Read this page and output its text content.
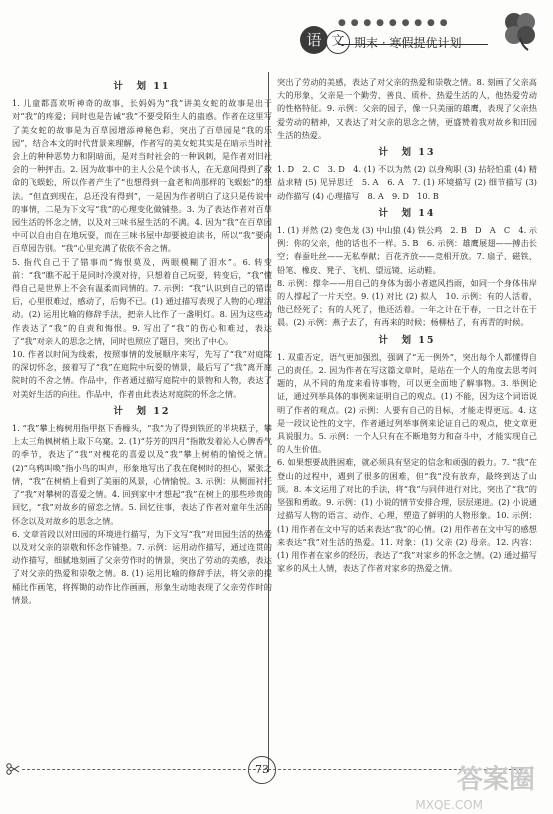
● ● ● ● ● ● ● ● ●
语 文 期末 · 寒假提优计划
计　划 11

1. 儿童都喜欢听神奇的故事，长妈妈为“我”讲美女蛇的故事是出于对“我”的疼爱；同时也是告诫“我”不要受陌生人的蛊惑。作者在这里写了美女蛇的故事是为百草园增添神秘色彩，突出了百草园是“我的乐园”，结合本文的时代背景来理解，作者写的美女蛇其实是在暗示当时社会上的种种恶势力和阴暗面，是对当时社会的一种讽刺，是作者对旧社会的一种抨击。2. 因为故事中的主人公是个读书人，在无意间得到了救命的飞蜈蚣，所以作者产生了“也想得到一盒老和尚那样的飞蜈蚣”的想法。“但直到现在，总还没有得到”，一是因为作者明白了这只是传说中的事情，二是为下文写“我”的心理变化做铺垫。3. 为了表达作者对百草园生活的怀念之情，以及对三味书屋生活的不满。4. 因为“我”在百草园中可以自由自在地玩耍，而在三味书屋中却要被迫读书，所以“我”要向百草园告别。“我”心里充满了依依不舍之情。

5. 指代自己于了错事而“悔恨莫及，两眼模糊了泪水”。6. 转变前：“我”瞧不起于是同时冷漠对待，只想着自己玩耍，转变后，“我”懂得自己是世界上不会有温柔而同情的。7. 示例：“我”认识到自己的错误后，心里很难过，感动了，后悔不已。(1) 通过描写表现了人物的心理活动。(2) 运用比喻的修辞手法，把亲人比作了一盏明灯。8. 因为这些动作表达了“我”的自责和悔恨。9. 写出了“我”的伤心和难过，表达了“我”对亲人的思念之情，同时也照应了题目，突出了中心。

10. 作者以时间为线索，按照事情的发展顺序来写，先写了“我”对庭院的深切怀念，接着写了“我”在庭院中玩耍的情景，最后写了“我”离开庭院时的不舍之情。作品中，作者通过描写庭院中的景物和人物，表达了对美好生活的向往。作品中，作者由此表达对庭院的怀念之情。

计　划 12

1. “我”攀上梅树用指甲抠下香橼头，“我”为了得到铁匠的半块糕子，攀上太三角枫树梢上取下乌窠。2. (1)“芬芳的四月”指散发着沁人心脾香气的季节，表达了“我”对槐花的喜爱以及“我”攀上树梢的愉悦之情。(2)“乌鸦叫唤”指小鸟的叫声，形象地写出了我在爬树时的担心，紧张之情，“我”在树梢上看到了美丽的风景，心情愉悦。3. 示例：从侧面衬托了“我”对攀树的喜爱之情。4. 回到家中才想起“我”在树上的那些珍贵的回忆，“我”对故乡的留恋之情。5. 回忆往事，表达了作者对童年生活的怀念以及对故乡的思念之情。

6. 文章首段以对田园的环境进行描写，为下文写“我”对田园生活的热爱以及对父亲的崇敬和怀念作铺垫。7. 示例：运用动作描写，通过连贯的动作描写，细腻地刻画了父亲劳作时的情景，突出了劳动的美感，表达了对父亲的热爱和崇敬之情。8. (1) 运用比喻的修辞手法，将父亲的提桶比作画笔，将挥锄的动作比作画画，形象生动地表现了父亲劳作时的情景。

突出了劳动的美感，表达了对父亲的热爱和崇敬之情。8. 刻画了父亲高大的形象，父亲是一个勤劳、善良、质朴、热爱生活的人，他热爱劳动的性格特征。9. 示例：父亲的园子，像一只美丽的雄鹰，表现了父亲热爱劳动的精神，又表达了对父亲的思念之情，更盛赞着我对故乡和田园生活的热爱。

计　划 13

1. D　2. C　3. D　4. (1) 不以为然 (2) 以身殉职 (3) 拈轻怕重 (4) 精益求精 (5) 见异思迁　5. A　6. A　7. (1) 环境描写 (2) 细节描写 (3) 动作描写 (4) 心理描写　8. A　9. D　10. B

计　划 14

1. (1) 并然 (2) 变色龙 (3) 中山狼 (4) 铁公鸡　2. B　D　A　C　4. 示例：你的父亲，他的话也不一样。5. B　6. 示例：雄鹰展翅——搏击长空；春蚕吐丝——无私奉献；百花齐放——竞相开放。7. 扇子、磁铁、铅笔、橡皮、凳子、飞机、望远镜、运动鞋。

8. 示例：撑伞——用自己的身体为弱小者遮风挡雨，如同一个身体伟岸的人撑起了一片天空。9. (1) 对比 (2) 拟人　10. 示例：有的人活着，他已经死了；有的人死了，他还活着。一年之计在于春，一日之计在于晨。(2) 示例：燕子去了，有再来的时候；杨柳枯了，有再青的时候。

计　划 15

1. 双重否定，语气更加强烈，强调了“无一例外”，突出每个人都懂得自己的责任。2. 因为作者在写这篇文章时，是站在一个人的角度去思考问题的，从不同的角度来看待事物，可以更全面地了解事物。3. 举例论证，通过列举具体的事例来证明自己的观点。(1) 不能，因为这个词语说明了作者的观点。(2) 示例：人要有自己的目标，才能走得更远。4. 这是一段议论性的文字，作者通过列举事例来论证自己的观点，使文章更具说服力。5. 示例：一个人只有在不断地努力和奋斗中，才能实现自己的人生价值。

6. 如果想要战胜困难，就必须具有坚定的信念和顽强的毅力。7. “我”在登山的过程中，遇到了很多的困难，但“我”没有放弃，最终到达了山顶。8. 本文运用了对比的手法，将“我”与同伴进行对比，突出了“我”的坚强和勇敢。9. 示例：(1) 小说的情节安排合理，层层递进。(2) 小说通过描写人物的语言、动作、心理，塑造了鲜明的人物形象。10. 示例：(1) 用作者在文中写的话来表达“我”的心情。(2) 用作者在文中写的感想来表达“我”对生活的热爱。11. 对象：(1) 父亲 (2) 母亲。12. 内容：(1) 用作者在家乡的经历，表达了“我”对家乡的怀念之情。(2) 通过描写家乡的风土人情，表达了作者对家乡的热爱之情。

73	答案圈
MXQE.COM
